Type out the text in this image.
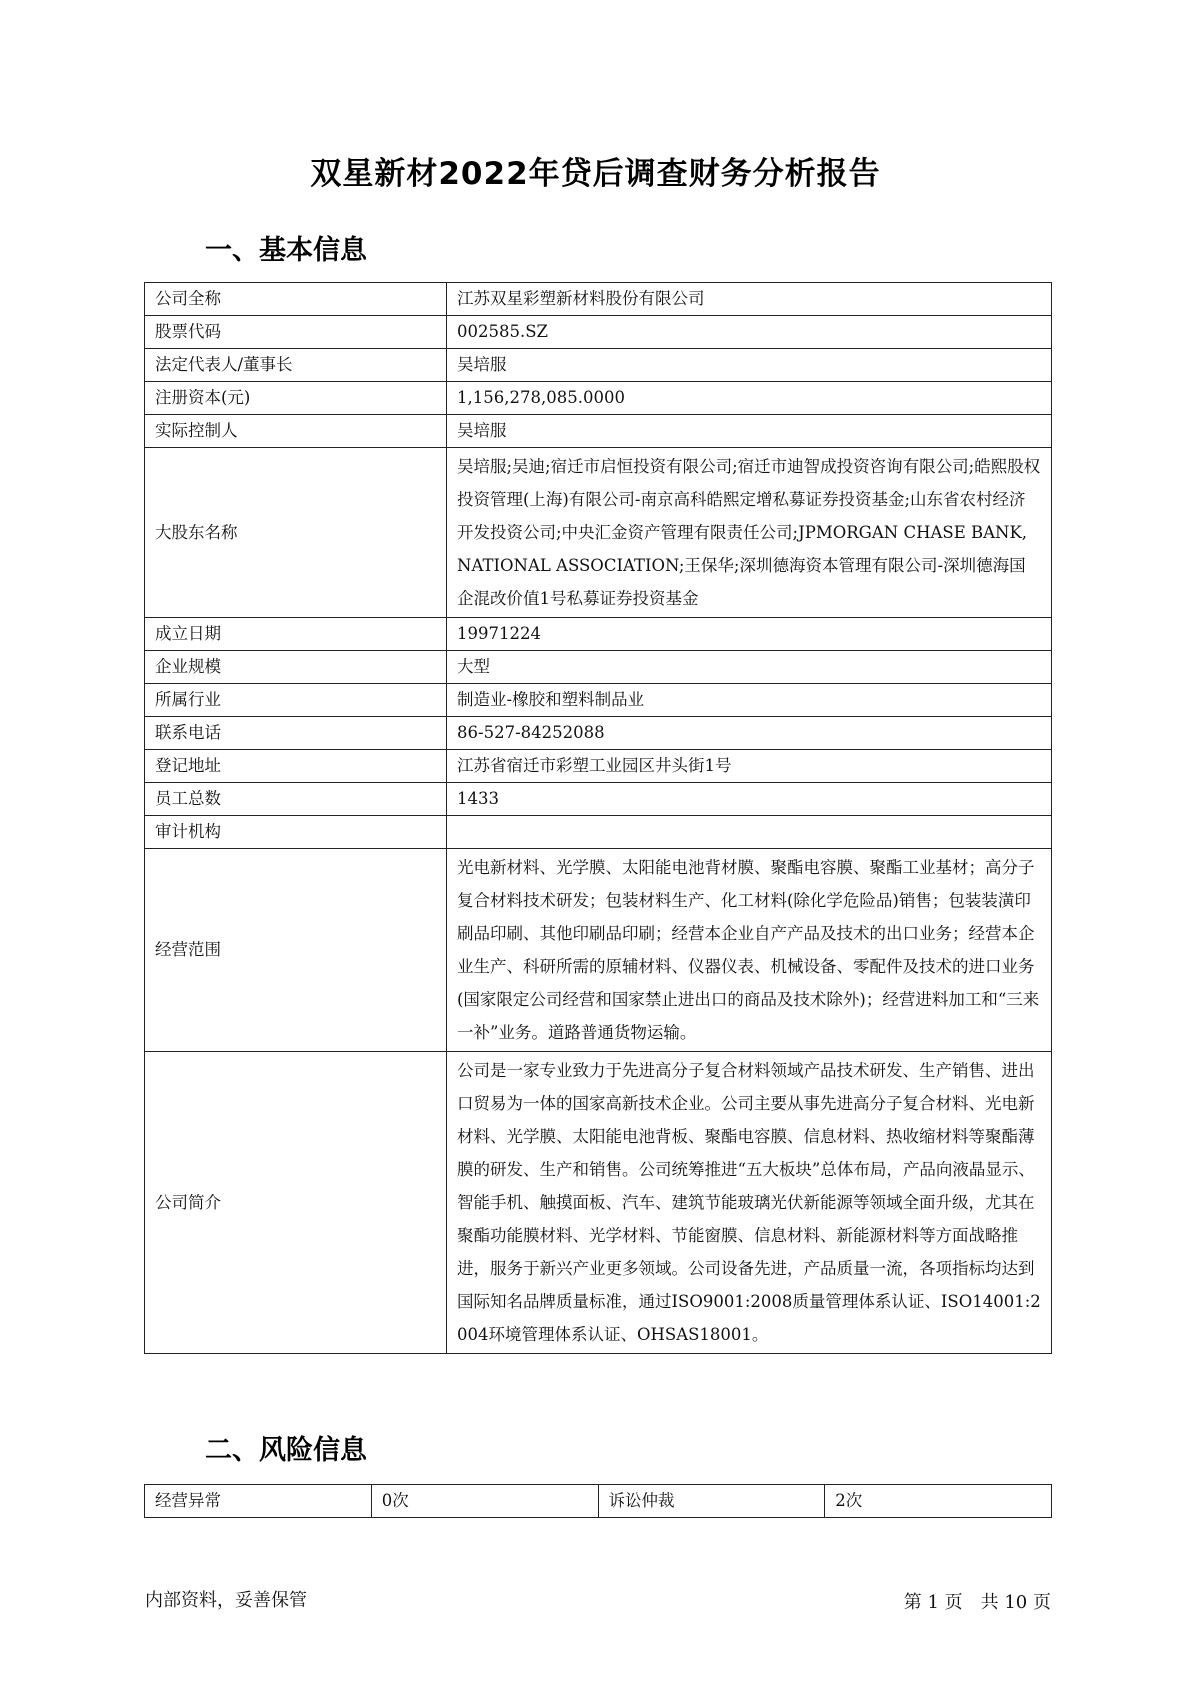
双星新材2022年贷后调查财务分析报告
一、基本信息
公司全称	江苏双星彩塑新材料股份有限公司
股票代码	002585.SZ
法定代表人/董事长	吴培服
注册资本(元)	1,156,278,085.0000
实际控制人	吴培服
大股东名称	吴培服;吴迪;宿迁市启恒投资有限公司;宿迁市迪智成投资咨询有限公司;皓熙股权投资管理(上海)有限公司-南京高科皓熙定增私募证券投资基金;山东省农村经济开发投资公司;中央汇金资产管理有限责任公司;JPMORGAN CHASE BANK,NATIONAL ASSOCIATION;王保华;深圳德海资本管理有限公司-深圳德海国企混改价值1号私募证券投资基金
成立日期	19971224
企业规模	大型
所属行业	制造业-橡胶和塑料制品业
联系电话	86-527-84252088
登记地址	江苏省宿迁市彩塑工业园区井头街1号
员工总数	1433
审计机构	
经营范围	光电新材料、光学膜、太阳能电池背材膜、聚酯电容膜、聚酯工业基材；高分子复合材料技术研发；包装材料生产、化工材料(除化学危险品)销售；包装装潢印刷品印刷、其他印刷品印刷；经营本企业自产产品及技术的出口业务；经营本企业生产、科研所需的原辅材料、仪器仪表、机械设备、零配件及技术的进口业务(国家限定公司经营和国家禁止进出口的商品及技术除外)；经营进料加工和“三来一补”业务。道路普通货物运输。
公司简介	公司是一家专业致力于先进高分子复合材料领域产品技术研发、生产销售、进出口贸易为一体的国家高新技术企业。公司主要从事先进高分子复合材料、光电新材料、光学膜、太阳能电池背板、聚酯电容膜、信息材料、热收缩材料等聚酯薄膜的研发、生产和销售。公司统筹推进“五大板块”总体布局，产品向液晶显示、智能手机、触摸面板、汽车、建筑节能玻璃光伏新能源等领域全面升级，尤其在聚酯功能膜材料、光学材料、节能窗膜、信息材料、新能源材料等方面战略推进，服务于新兴产业更多领域。公司设备先进，产品质量一流，各项指标均达到国际知名品牌质量标准，通过ISO9001:2008质量管理体系认证、ISO14001:2004环境管理体系认证、OHSAS18001。
二、风险信息
经营异常	0次	诉讼仲裁	2次
内部资料，妥善保管	第 1 页　共 10 页
